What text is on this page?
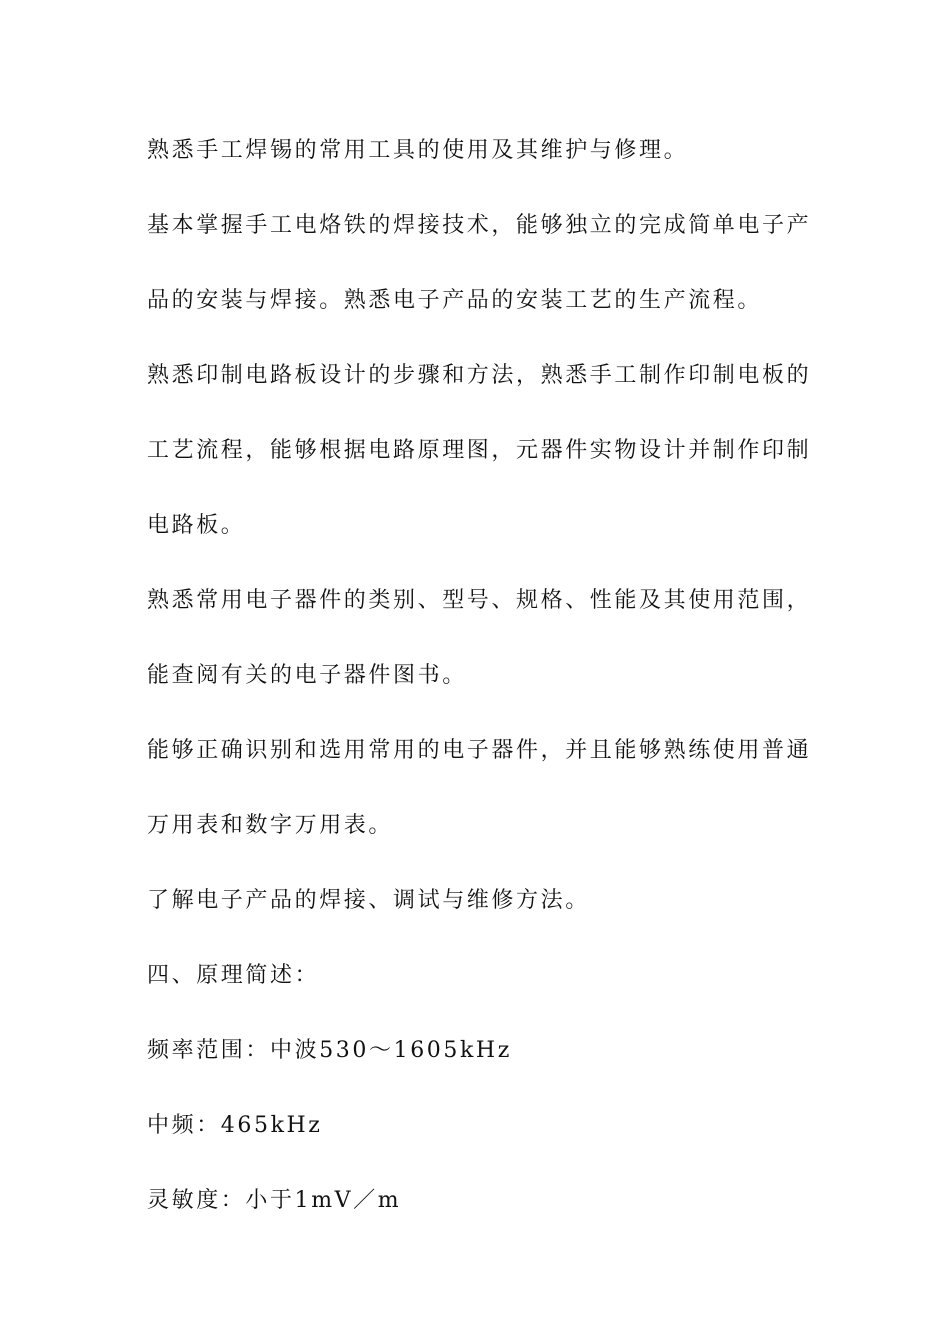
熟悉手工焊锡的常用工具的使用及其维护与修理。
基本掌握手工电烙铁的焊接技术，能够独立的完成简单电子产
品的安装与焊接。熟悉电子产品的安装工艺的生产流程。
熟悉印制电路板设计的步骤和方法，熟悉手工制作印制电板的
工艺流程，能够根据电路原理图，元器件实物设计并制作印制
电路板。
熟悉常用电子器件的类别、型号、规格、性能及其使用范围，
能查阅有关的电子器件图书。
能够正确识别和选用常用的电子器件，并且能够熟练使用普通
万用表和数字万用表。
了解电子产品的焊接、调试与维修方法。
四、原理简述：
频率范围：中波530～1605kHz
中频：465kHz
灵敏度：小于1mV／m
